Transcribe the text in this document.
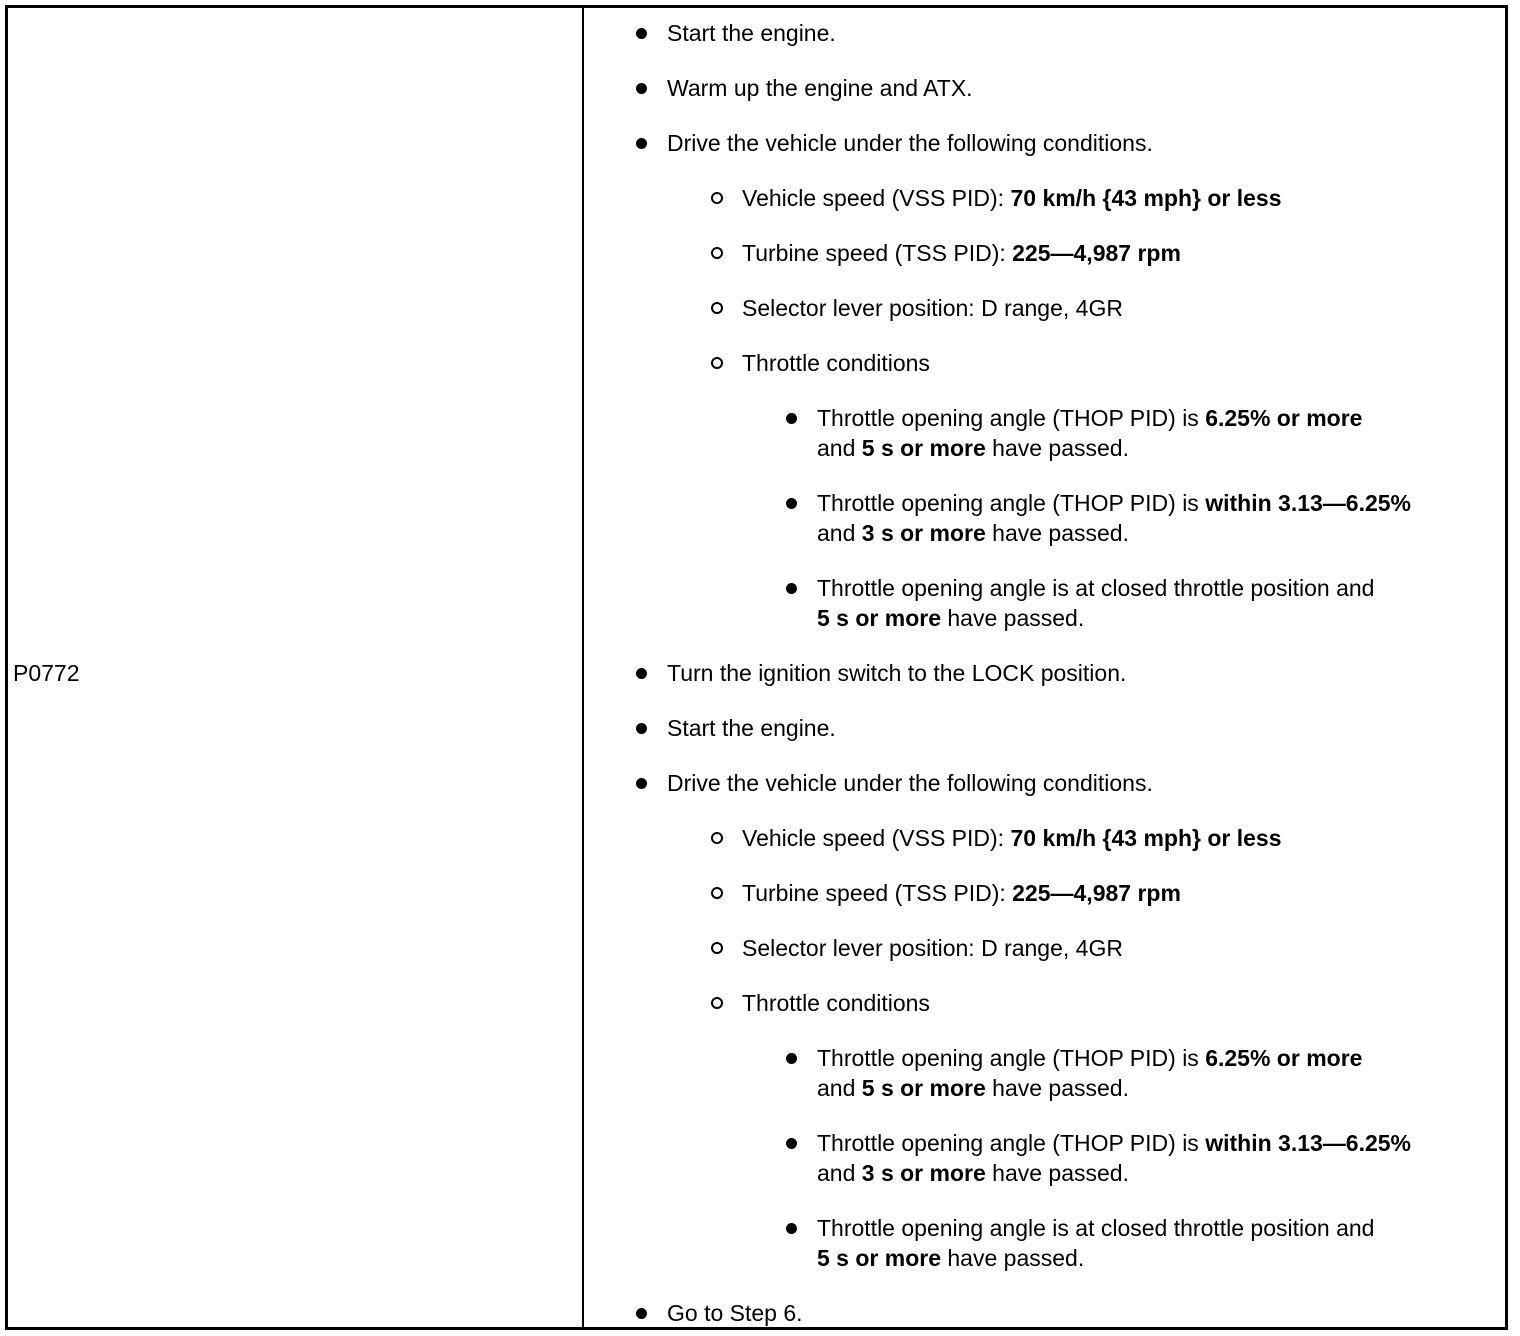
P0772
Start the engine.
Warm up the engine and ATX.
Drive the vehicle under the following conditions.
Vehicle speed (VSS PID): 70 km/h {43 mph} or less
Turbine speed (TSS PID): 225—4,987 rpm
Selector lever position: D range, 4GR
Throttle conditions
Throttle opening angle (THOP PID) is 6.25% or more
and 5 s or more have passed.
Throttle opening angle (THOP PID) is within 3.13—6.25% and 3 s or more have passed.
Throttle opening angle is at closed throttle position and
5 s or more have passed.
Turn the ignition switch to the LOCK position.
Start the engine.
Drive the vehicle under the following conditions.
Vehicle speed (VSS PID): 70 km/h {43 mph} or less
Turbine speed (TSS PID): 225—4,987 rpm
Selector lever position: D range, 4GR
Throttle conditions
Throttle opening angle (THOP PID) is 6.25% or more
and 5 s or more have passed.
Throttle opening angle (THOP PID) is within 3.13—6.25% and 3 s or more have passed.
Throttle opening angle is at closed throttle position and
5 s or more have passed.
Go to Step 6.
